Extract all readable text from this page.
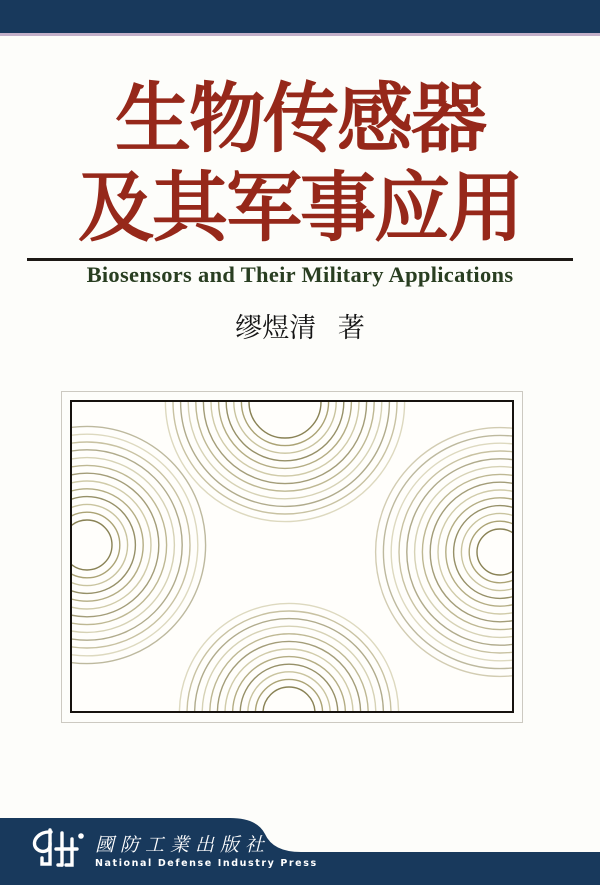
生物传感器
及其军事应用
Biosensors and Their Military Applications
缪煜清 著
國防工業出版社
National Defense Industry Press
